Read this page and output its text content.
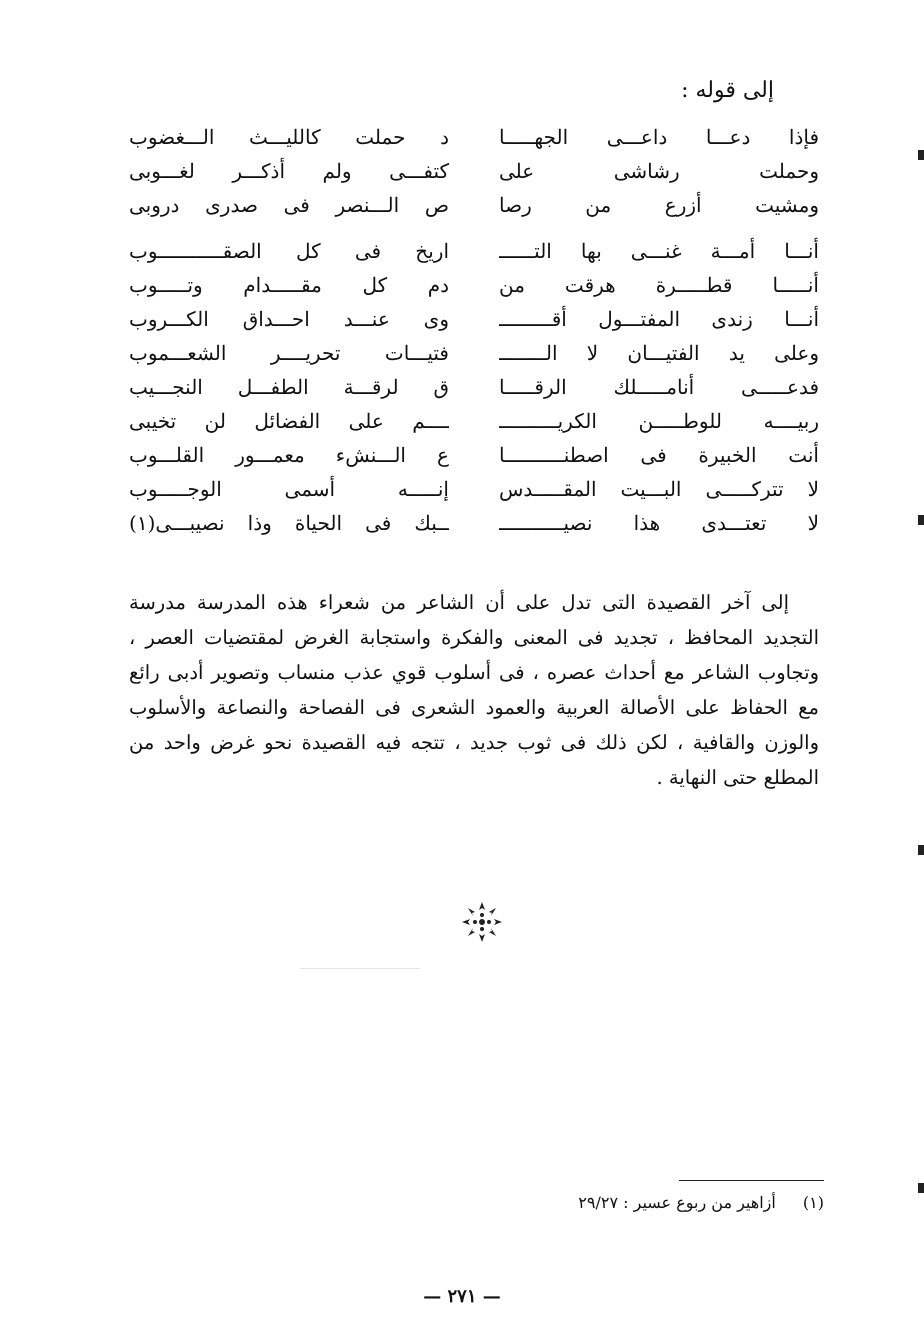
إلى قوله :
فإذا دعـــا داعـــى الجهـــــا
د حملت كالليـــث الـــغضوب
وحملت رشاشى على
كتفـــى ولم أذكـــر لغـــوبى
ومشيت أزرع من رصا
ص الـــنصر فى صدرى دروبى
أنـــا أمـــة غنـــى بها التــــــ
اريخ فى كل الصقـــــــــــوب
أنـــــا قطـــــرة هرقت من
دم كل مقـــــدام وتـــــوب
أنـــا زندى المفتـــول أقـــــــــ
وى عنـــد احـــداق الكـــروب
وعلى يد الفتيـــان لا الــــــــ
فتيـــات تحريــــر الشعـــموب
فدعـــــى أنامـــــلك الرقـــــا
ق لرقـــة الطفـــل النجـــيب
ربيــــه للوطـــــن الكريــــــــــ
ــــم على الفضائل لن تخيبى
أنت الخبيرة فى اصطنــــــــــا
ع الـــنشء معمـــور القلـــوب
لا تتركـــــى البـــيت المقـــــدس
إنـــــه أسمى الوجـــــوب
لا تعتـــدى هذا نصيـــــــــــ
ــبك فى الحياة وذا نصيبـــى(١)

إلى آخر القصيدة التى تدل على أن الشاعر من شعراء هذه المدرسة مدرسة التجديد المحافظ ، تجديد فى المعنى والفكرة واستجابة الغرض لمقتضيات العصر ، وتجاوب الشاعر مع أحداث عصره ، فى أسلوب قوي عذب منساب وتصوير أدبى رائع مع الحفاظ على الأصالة العربية والعمود الشعرى فى الفصاحة والنصاعة والأسلوب والوزن والقافية ، لكن ذلك فى ثوب جديد ، تتجه فيه القصيدة نحو غرض واحد من المطلع حتى النهاية .

(١) أزاهير من ربوع عسير : ٢٩/٢٧
— ٢٧١ —
